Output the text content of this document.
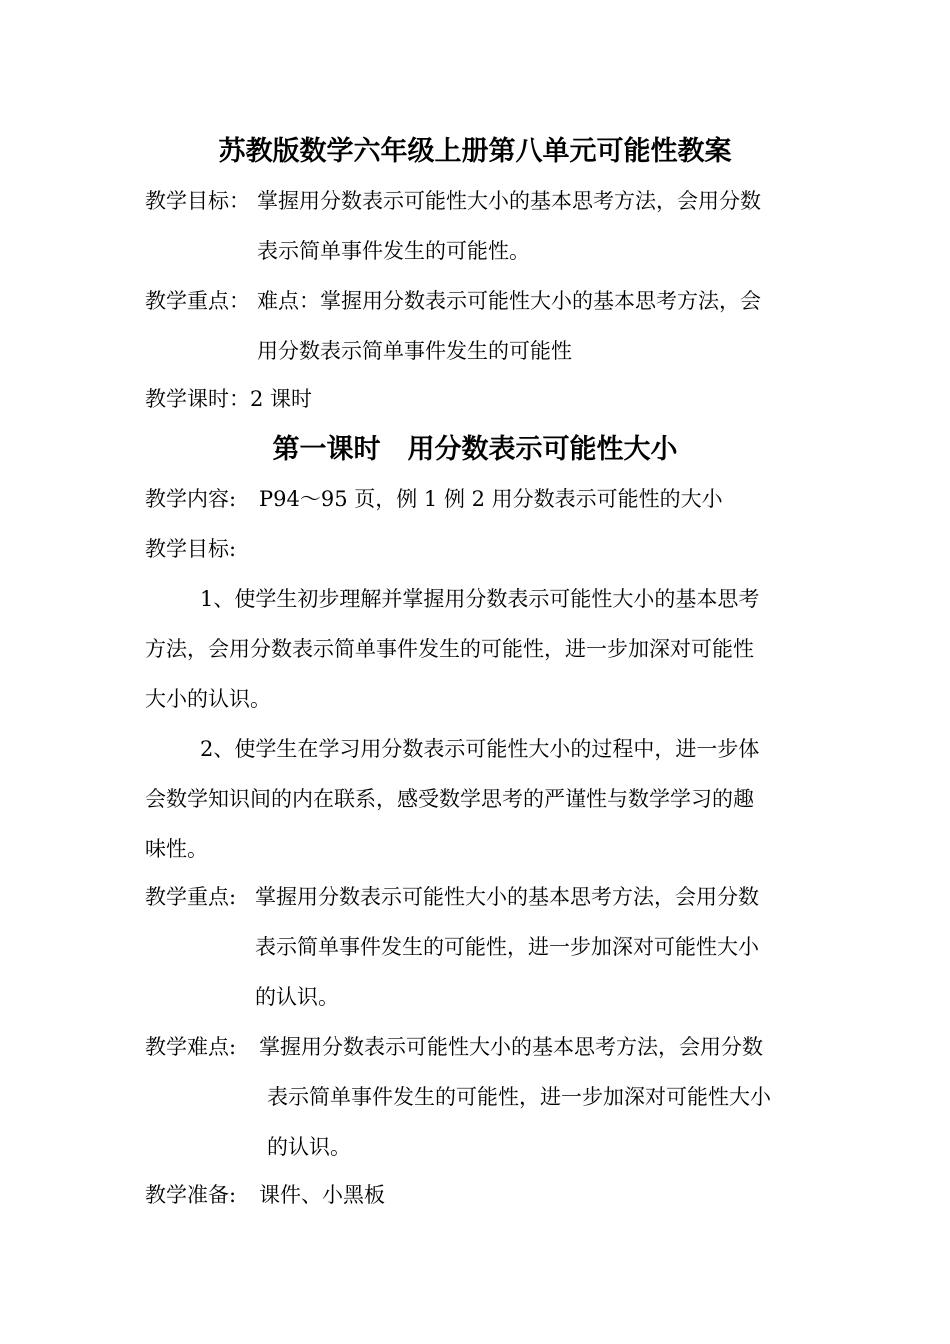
苏教版数学六年级上册第八单元可能性教案
教学目标： 掌握用分数表示可能性大小的基本思考方法，会用分数
表示简单事件发生的可能性。
教学重点： 难点：掌握用分数表示可能性大小的基本思考方法，会
用分数表示简单事件发生的可能性
教学课时：2 课时
第一课时　用分数表示可能性大小
教学内容: P94～95 页，例 1 例 2 用分数表示可能性的大小
教学目标:
1、使学生初步理解并掌握用分数表示可能性大小的基本思考
方法，会用分数表示简单事件发生的可能性，进一步加深对可能性
大小的认识。
2、使学生在学习用分数表示可能性大小的过程中，进一步体
会数学知识间的内在联系，感受数学思考的严谨性与数学学习的趣
味性。
教学重点: 掌握用分数表示可能性大小的基本思考方法，会用分数
表示简单事件发生的可能性，进一步加深对可能性大小
的认识。
教学难点: 掌握用分数表示可能性大小的基本思考方法，会用分数
表示简单事件发生的可能性，进一步加深对可能性大小
的认识。
教学准备: 课件、小黑板
